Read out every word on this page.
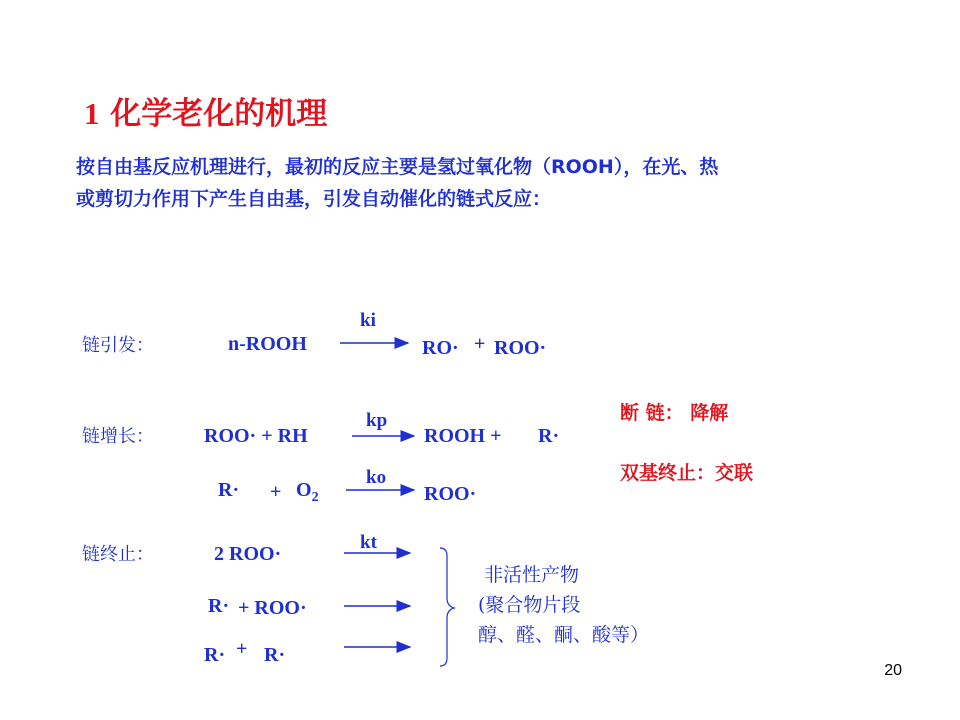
1 化学老化的机理
按自由基反应机理进行，最初的反应主要是氢过氧化物（ROOH），在光、热
或剪切力作用下产生自由基，引发自动催化的链式反应：
链引发：	n-ROOH
ki
RO· + ROO·
链增长：	ROO· + RH
kp
ROOH + R·
$R\cdot + O_2$
ko
ROO·
断 链： 降解
双基终止：交联
链终止：	2 ROO·
kt
R· + ROO·
R· + R·
非活性产物
(聚合物片段
醇、醛、酮、酸等）
20
